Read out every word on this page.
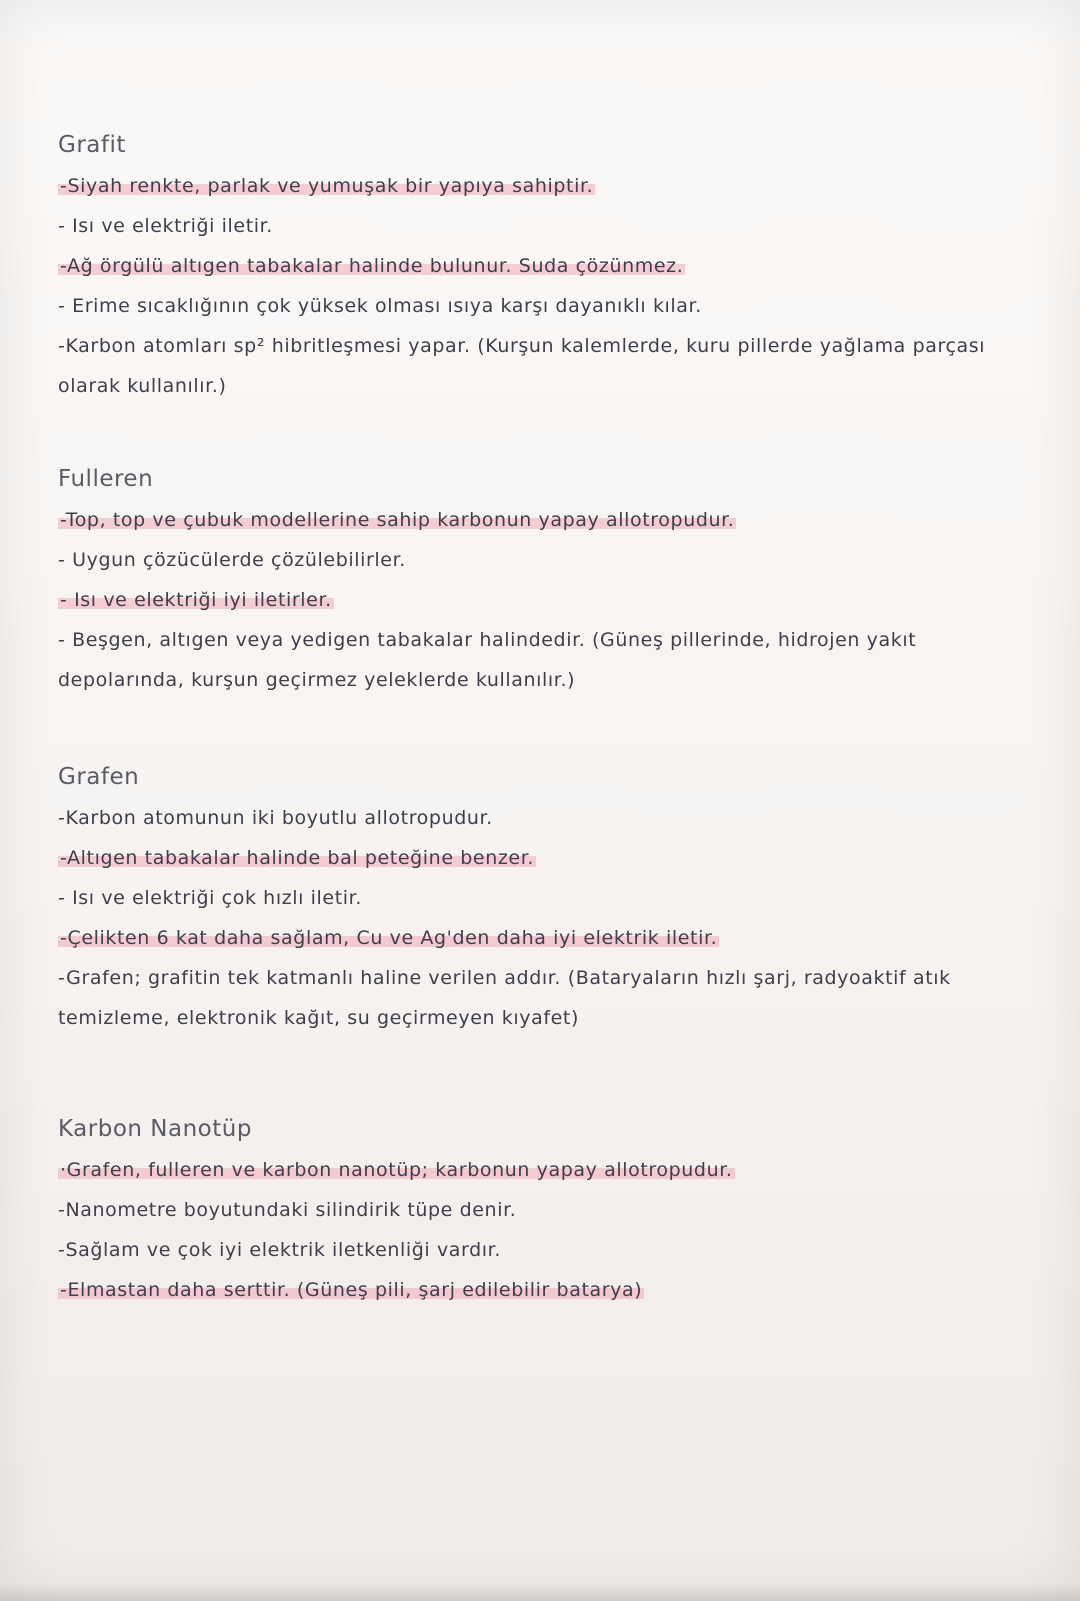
Grafit
-Siyah renkte, parlak ve yumuşak bir yapıya sahiptir.
- Isı ve elektriği iletir.
-Ağ örgülü altıgen tabakalar halinde bulunur. Suda çözünmez.
- Erime sıcaklığının çok yüksek olması ısıya karşı dayanıklı kılar.
-Karbon atomları sp² hibritleşmesi yapar. (Kurşun kalemlerde, kuru pillerde yağlama parçası olarak kullanılır.)
Fulleren
-Top, top ve çubuk modellerine sahip karbonun yapay allotropudur.
- Uygun çözücülerde çözülebilirler.
- Isı ve elektriği iyi iletirler.
- Beşgen, altıgen veya yedigen tabakalar halindedir. (Güneş pillerinde, hidrojen yakıt depolarında, kurşun geçirmez yeleklerde kullanılır.)
Grafen
-Karbon atomunun iki boyutlu allotropudur.
-Altıgen tabakalar halinde bal peteğine benzer.
- Isı ve elektriği çok hızlı iletir.
-Çelikten 6 kat daha sağlam, Cu ve Ag'den daha iyi elektrik iletir.
-Grafen; grafitin tek katmanlı haline verilen addır. (Bataryaların hızlı şarj, radyoaktif atık temizleme, elektronik kağıt, su geçirmeyen kıyafet)
Karbon Nanotüp
·Grafen, fulleren ve karbon nanotüp; karbonun yapay allotropudur.
-Nanometre boyutundaki silindirik tüpe denir.
-Sağlam ve çok iyi elektrik iletkenliği vardır.
-Elmastan daha serttir. (Güneş pili, şarj edilebilir batarya)
